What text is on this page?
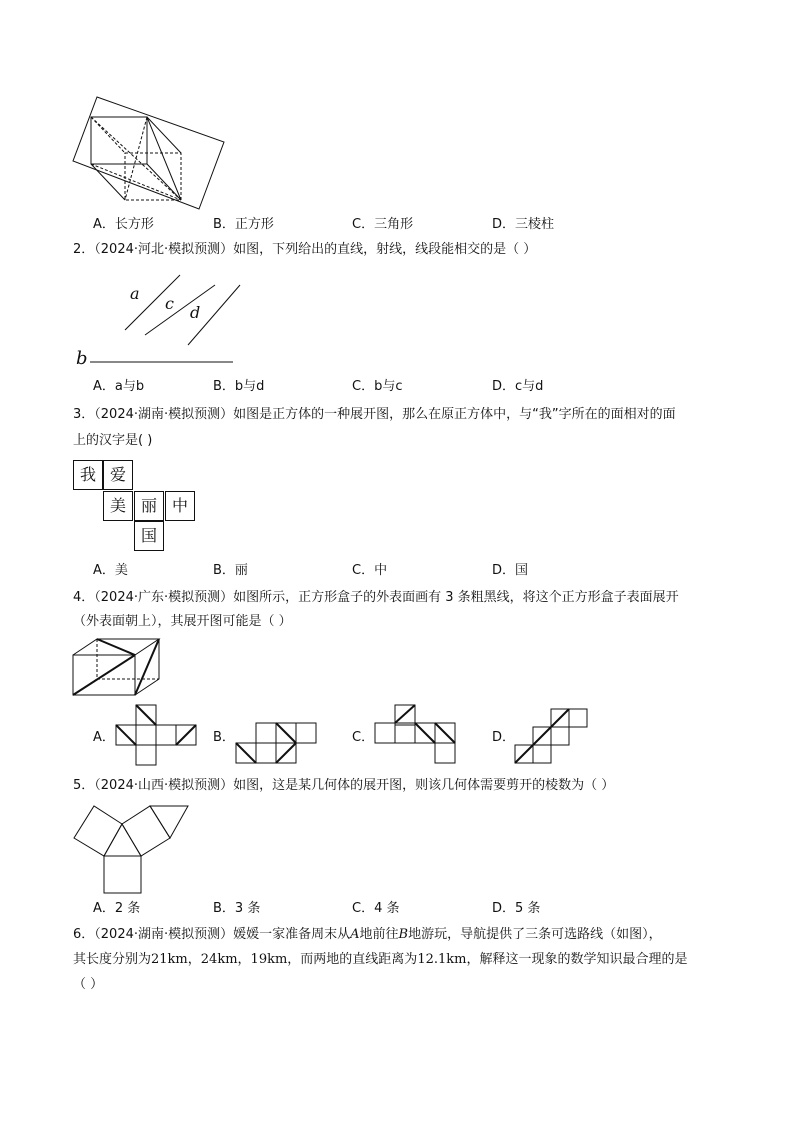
A．长方形	B．正方形	C．三角形	D．三棱柱
2．（2024·河北·模拟预测）如图，下列给出的直线，射线，线段能相交的是（ ）
a
c d
b
A．a与b	B．b与d	C．b与c	D．c与d
3．（2024·湖南·模拟预测）如图是正方体的一种展开图，那么在原正方体中，与“我”字所在的面相对的面
上的汉字是( )
我 爱
美 丽 中
国
A．美	B．丽	C．中	D．国
4．（2024·广东·模拟预测）如图所示，正方形盒子的外表面画有 3 条粗黑线，将这个正方形盒子表面展开
（外表面朝上），其展开图可能是（ ）
A．	B．	C．	D．
5．（2024·山西·模拟预测）如图，这是某几何体的展开图，则该几何体需要剪开的棱数为（ ）
A．2 条	B．3 条	C．4 条	D．5 条
6．（2024·湖南·模拟预测）媛媛一家准备周末从A地前往B地游玩，导航提供了三条可选路线（如图），
其长度分别为21km，24km，19km，而两地的直线距离为12.1km，解释这一现象的数学知识最合理的是
（ ）
